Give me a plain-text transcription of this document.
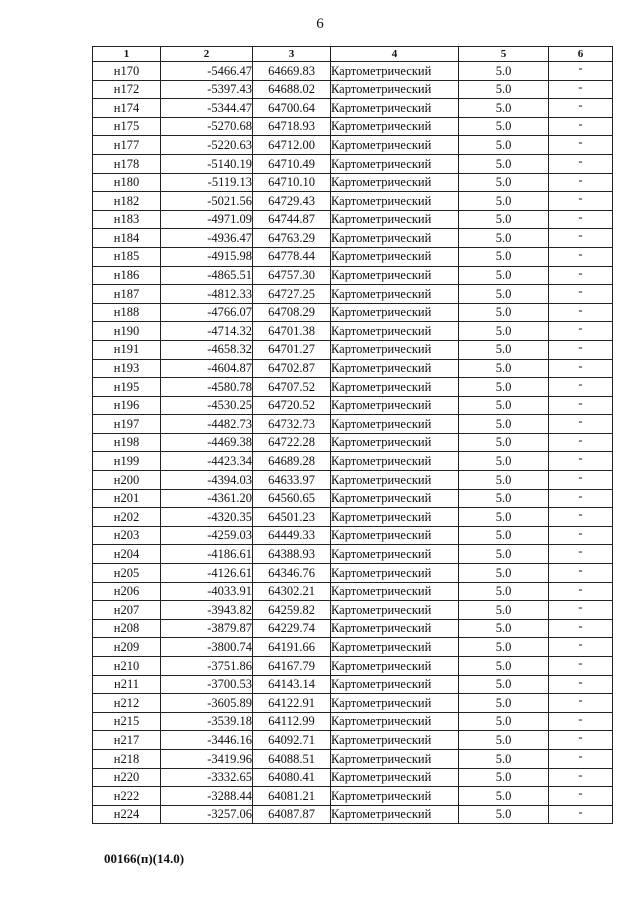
6
1	2	3	4	5	6
н170	-5466.47	64669.83	Картометрический	5.0	-
н172	-5397.43	64688.02	Картометрический	5.0	-
н174	-5344.47	64700.64	Картометрический	5.0	-
н175	-5270.68	64718.93	Картометрический	5.0	-
н177	-5220.63	64712.00	Картометрический	5.0	-
н178	-5140.19	64710.49	Картометрический	5.0	-
н180	-5119.13	64710.10	Картометрический	5.0	-
н182	-5021.56	64729.43	Картометрический	5.0	-
н183	-4971.09	64744.87	Картометрический	5.0	-
н184	-4936.47	64763.29	Картометрический	5.0	-
н185	-4915.98	64778.44	Картометрический	5.0	-
н186	-4865.51	64757.30	Картометрический	5.0	-
н187	-4812.33	64727.25	Картометрический	5.0	-
н188	-4766.07	64708.29	Картометрический	5.0	-
н190	-4714.32	64701.38	Картометрический	5.0	-
н191	-4658.32	64701.27	Картометрический	5.0	-
н193	-4604.87	64702.87	Картометрический	5.0	-
н195	-4580.78	64707.52	Картометрический	5.0	-
н196	-4530.25	64720.52	Картометрический	5.0	-
н197	-4482.73	64732.73	Картометрический	5.0	-
н198	-4469.38	64722.28	Картометрический	5.0	-
н199	-4423.34	64689.28	Картометрический	5.0	-
н200	-4394.03	64633.97	Картометрический	5.0	-
н201	-4361.20	64560.65	Картометрический	5.0	-
н202	-4320.35	64501.23	Картометрический	5.0	-
н203	-4259.03	64449.33	Картометрический	5.0	-
н204	-4186.61	64388.93	Картометрический	5.0	-
н205	-4126.61	64346.76	Картометрический	5.0	-
н206	-4033.91	64302.21	Картометрический	5.0	-
н207	-3943.82	64259.82	Картометрический	5.0	-
н208	-3879.87	64229.74	Картометрический	5.0	-
н209	-3800.74	64191.66	Картометрический	5.0	-
н210	-3751.86	64167.79	Картометрический	5.0	-
н211	-3700.53	64143.14	Картометрический	5.0	-
н212	-3605.89	64122.91	Картометрический	5.0	-
н215	-3539.18	64112.99	Картометрический	5.0	-
н217	-3446.16	64092.71	Картометрический	5.0	-
н218	-3419.96	64088.51	Картометрический	5.0	-
н220	-3332.65	64080.41	Картометрический	5.0	-
н222	-3288.44	64081.21	Картометрический	5.0	-
н224	-3257.06	64087.87	Картометрический	5.0	-
00166(п)(14.0)
